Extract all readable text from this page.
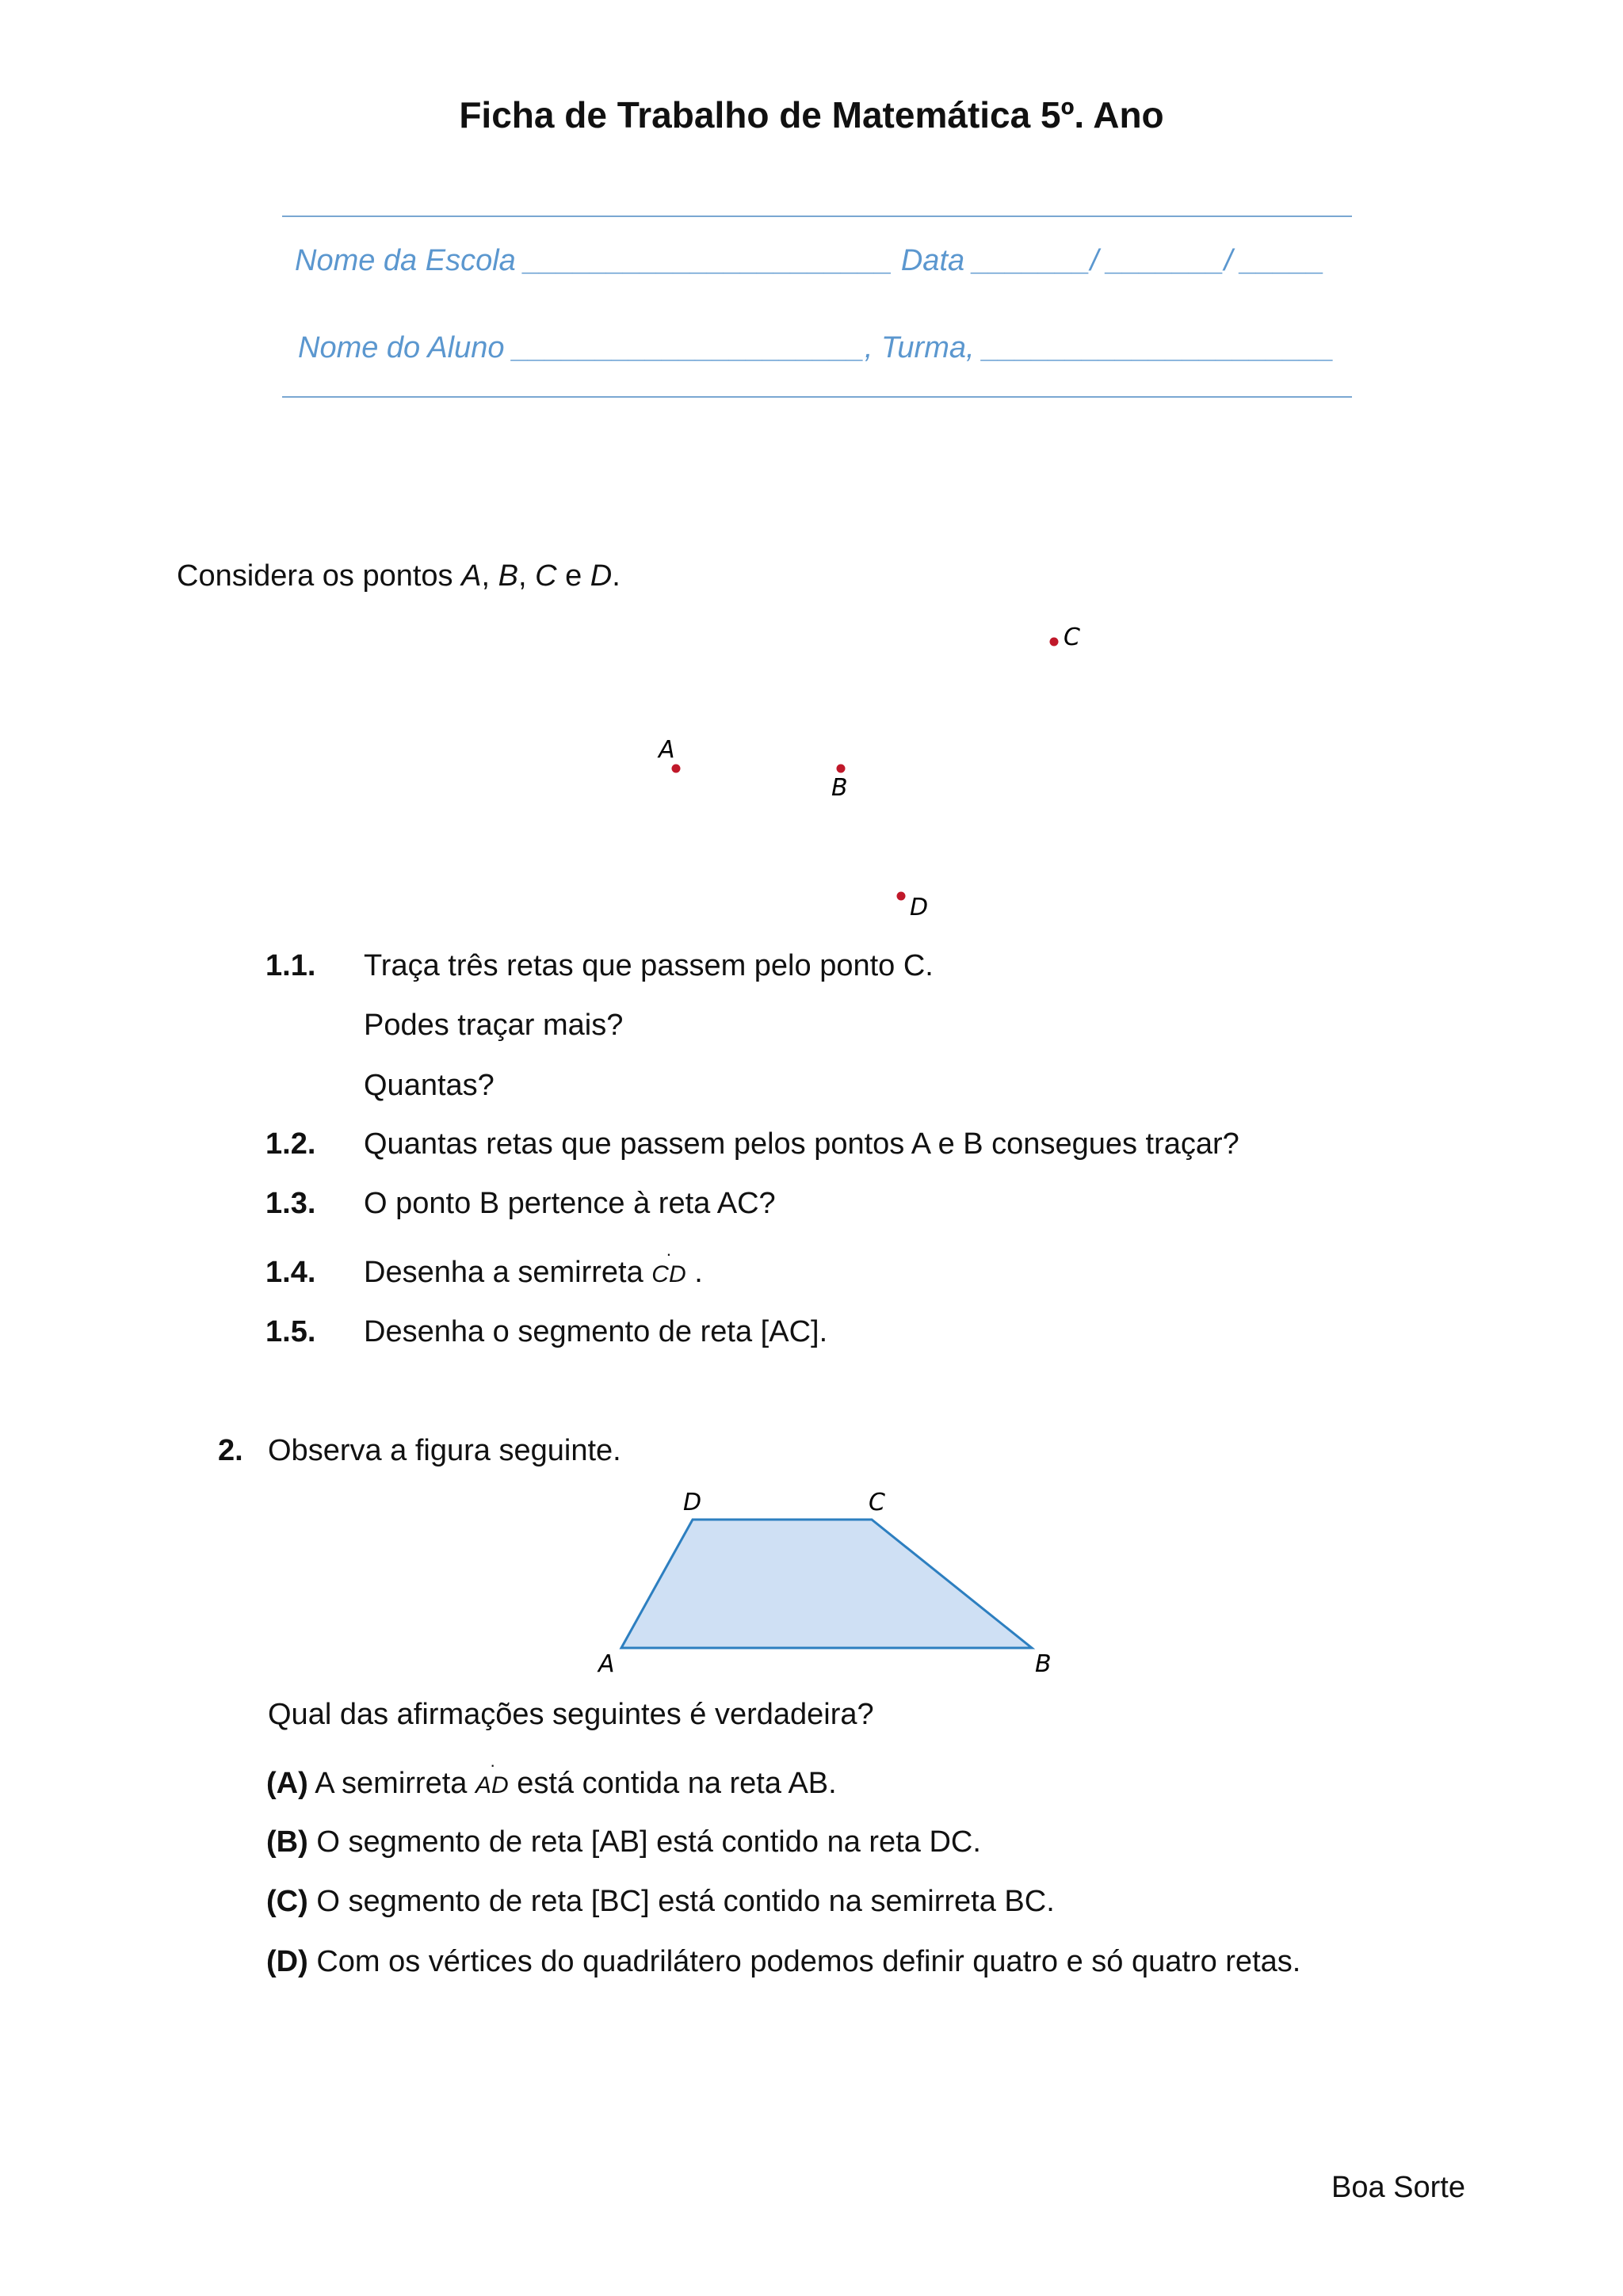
Ficha de Trabalho de Matemática 5º. Ano
Nome da Escola ______________________ Data _______/ _______/ _____
Nome do Aluno _____________________, Turma, _____________________
Considera os pontos A, B, C e D.
C
A
B
D
1.1. Traça três retas que passem pelo ponto C.
Podes traçar mais?
Quantas?
1.2. Quantas retas que passem pelos pontos A e B consegues traçar?
1.3. O ponto B pertence à reta AC?
1.4. Desenha a semirreta
·
CD .
1.5. Desenha o segmento de reta [AC].
2. Observa a figura seguinte.
D	C
A	B
Qual das afirmações seguintes é verdadeira?
(A) A semirreta
·
AD está contida na reta AB.
(B) O segmento de reta [AB] está contido na reta DC.
(C) O segmento de reta [BC] está contido na semirreta BC.
(D) Com os vértices do quadrilátero podemos definir quatro e só quatro retas.
Boa Sorte
